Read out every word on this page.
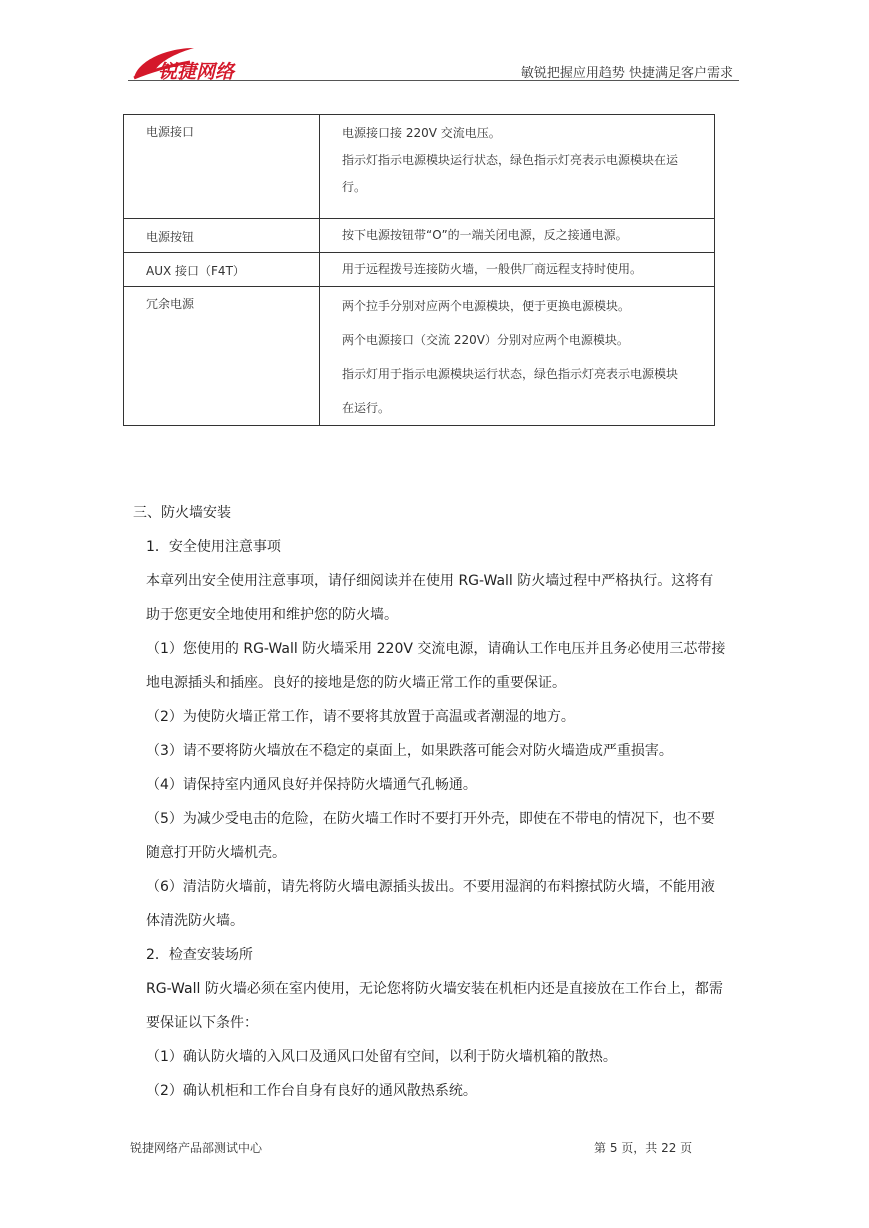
锐捷网络	敏锐把握应用趋势 快捷满足客户需求
电源接口	电源接口接 220V 交流电压。

指示灯指示电源模块运行状态，绿色指示灯亮表示电源模块在运

行。

电源按钮	按下电源按钮带“O”的一端关闭电源，反之接通电源。

AUX 接口（F4T）	用于远程拨号连接防火墙，一般供厂商远程支持时使用。

冗余电源	两个拉手分别对应两个电源模块，便于更换电源模块。

两个电源接口（交流 220V）分别对应两个电源模块。

指示灯用于指示电源模块运行状态，绿色指示灯亮表示电源模块

在运行。

三、防火墙安装

1．安全使用注意事项

本章列出安全使用注意事项，请仔细阅读并在使用 RG-Wall 防火墙过程中严格执行。这将有

助于您更安全地使用和维护您的防火墙。

（1）您使用的 RG-Wall 防火墙采用 220V 交流电源，请确认工作电压并且务必使用三芯带接

地电源插头和插座。良好的接地是您的防火墙正常工作的重要保证。

（2）为使防火墙正常工作，请不要将其放置于高温或者潮湿的地方。

（3）请不要将防火墙放在不稳定的桌面上，如果跌落可能会对防火墙造成严重损害。

（4）请保持室内通风良好并保持防火墙通气孔畅通。

（5）为减少受电击的危险，在防火墙工作时不要打开外壳，即使在不带电的情况下，也不要

随意打开防火墙机壳。

（6）清洁防火墙前，请先将防火墙电源插头拔出。不要用湿润的布料擦拭防火墙，不能用液

体清洗防火墙。

2．检查安装场所

RG-Wall 防火墙必须在室内使用，无论您将防火墙安装在机柜内还是直接放在工作台上，都需

要保证以下条件：

（1）确认防火墙的入风口及通风口处留有空间，以利于防火墙机箱的散热。

（2）确认机柜和工作台自身有良好的通风散热系统。

锐捷网络产品部测试中心	第 5 页，共 22 页
